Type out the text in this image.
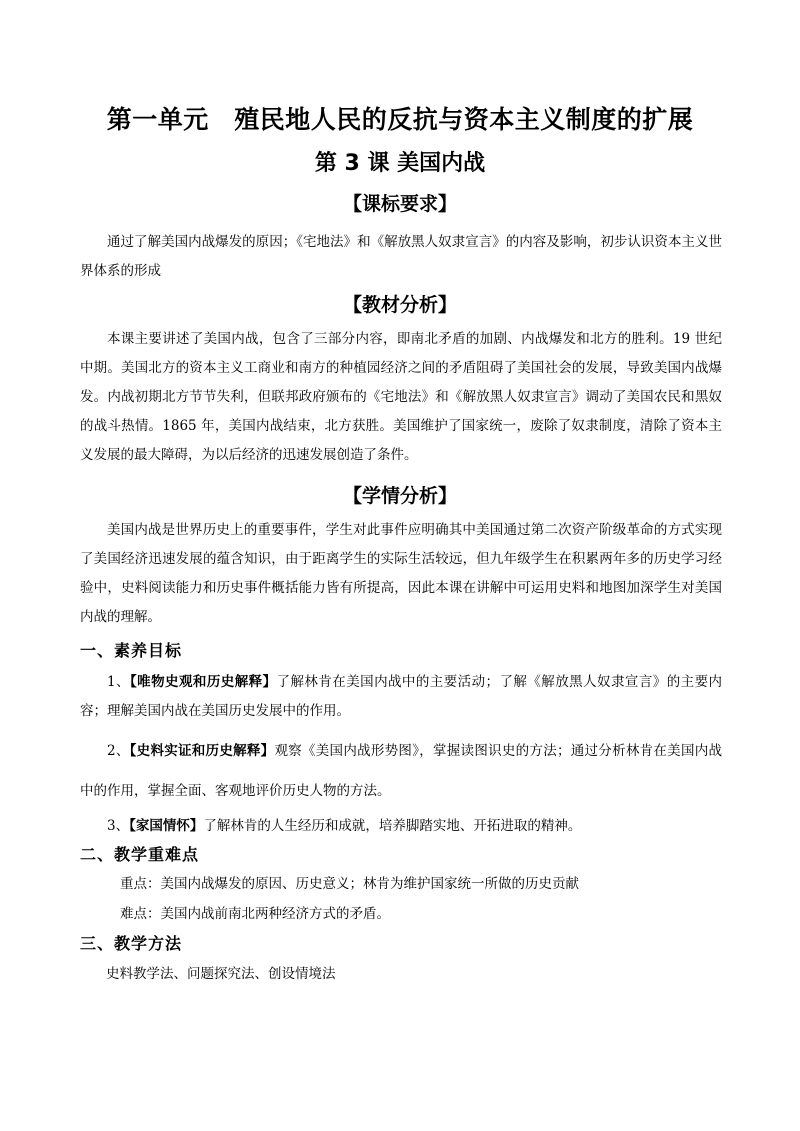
第一单元　殖民地人民的反抗与资本主义制度的扩展
第 3 课 美国内战
【课标要求】

通过了解美国内战爆发的原因；《宅地法》和《解放黑人奴隶宣言》的内容及影响，初步认识资本主义世界体系的形成

【教材分析】

本课主要讲述了美国内战，包含了三部分内容，即南北矛盾的加剧、内战爆发和北方的胜利。19 世纪中期。美国北方的资本主义工商业和南方的种植园经济之间的矛盾阻碍了美国社会的发展，导致美国内战爆发。内战初期北方节节失利，但联邦政府颁布的《宅地法》和《解放黑人奴隶宣言》调动了美国农民和黑奴的战斗热情。1865 年，美国内战结束，北方获胜。美国维护了国家统一，废除了奴隶制度，清除了资本主义发展的最大障碍，为以后经济的迅速发展创造了条件。

【学情分析】

美国内战是世界历史上的重要事件，学生对此事件应明确其中美国通过第二次资产阶级革命的方式实现了美国经济迅速发展的蕴含知识，由于距离学生的实际生活较远，但九年级学生在积累两年多的历史学习经验中，史料阅读能力和历史事件概括能力皆有所提高，因此本课在讲解中可运用史料和地图加深学生对美国内战的理解。

一、素养目标

1、【唯物史观和历史解释】了解林肯在美国内战中的主要活动；了解《解放黑人奴隶宣言》的主要内容；理解美国内战在美国历史发展中的作用。

2、【史料实证和历史解释】观察《美国内战形势图》，掌握读图识史的方法；通过分析林肯在美国内战中的作用，掌握全面、客观地评价历史人物的方法。

3、【家国情怀】了解林肯的人生经历和成就，培养脚踏实地、开拓进取的精神。

二、教学重难点
重点：美国内战爆发的原因、历史意义；林肯为维护国家统一所做的历史贡献
难点：美国内战前南北两种经济方式的矛盾。
三、教学方法
史料教学法、问题探究法、创设情境法
